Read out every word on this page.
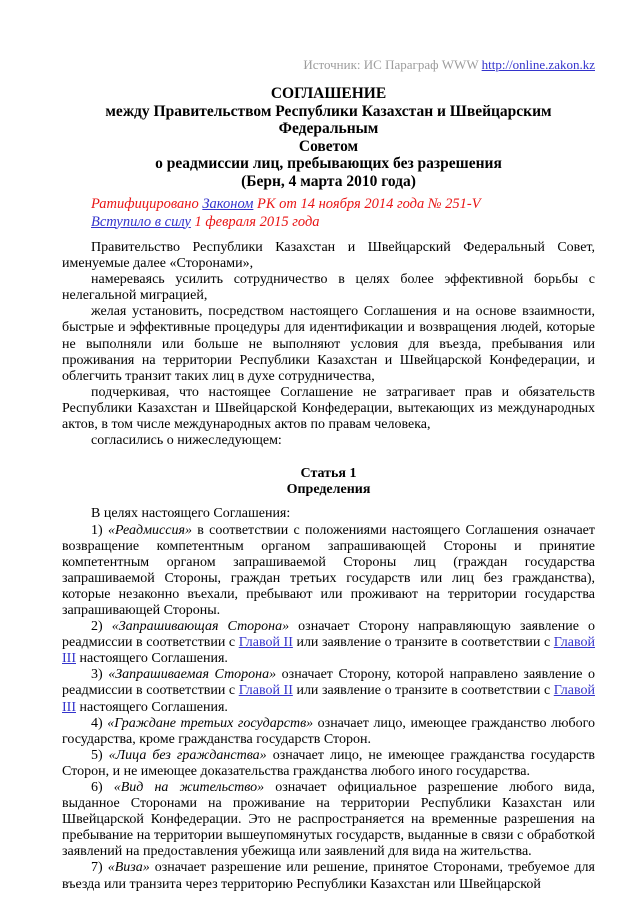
Источник: ИС Параграф WWW http://online.zakon.kz
СОГЛАШЕНИЕ
между Правительством Республики Казахстан и Швейцарским Федеральным
Советом
о реадмиссии лиц, пребывающих без разрешения
(Берн, 4 марта 2010 года)
Ратифицировано Законом РК от 14 ноября 2014 года № 251-V
Вступило в силу 1 февраля 2015 года

Правительство Республики Казахстан и Швейцарский Федеральный Совет, именуемые далее «Сторонами»,

намереваясь усилить сотрудничество в целях более эффективной борьбы с нелегальной миграцией,

желая установить, посредством настоящего Соглашения и на основе взаимности, быстрые и эффективные процедуры для идентификации и возвращения людей, которые не выполняли или больше не выполняют условия для въезда, пребывания или проживания на территории Республики Казахстан и Швейцарской Конфедерации, и облегчить транзит таких лиц в духе сотрудничества,

подчеркивая, что настоящее Соглашение не затрагивает прав и обязательств Республики Казахстан и Швейцарской Конфедерации, вытекающих из международных актов, в том числе международных актов по правам человека,

согласились о нижеследующем:

Статья 1
Определения

В целях настоящего Соглашения:

1) «Реадмиссия» в соответствии с положениями настоящего Соглашения означает возвращение компетентным органом запрашивающей Стороны и принятие компетентным органом запрашиваемой Стороны лиц (граждан государства запрашиваемой Стороны, граждан третьих государств или лиц без гражданства), которые незаконно въехали, пребывают или проживают на территории государства запрашивающей Стороны.

2) «Запрашивающая Сторона» означает Сторону направляющую заявление о реадмиссии в соответствии с Главой II или заявление о транзите в соответствии с Главой III настоящего Соглашения.

3) «Запрашиваемая Сторона» означает Сторону, которой направлено заявление о реадмиссии в соответствии с Главой II или заявление о транзите в соответствии с Главой III настоящего Соглашения.

4) «Граждане третьих государств» означает лицо, имеющее гражданство любого государства, кроме гражданства государств Сторон.

5) «Лица без гражданства» означает лицо, не имеющее гражданства государств Сторон, и не имеющее доказательства гражданства любого иного государства.

6) «Вид на жительство» означает официальное разрешение любого вида, выданное Сторонами на проживание на территории Республики Казахстан или Швейцарской Конфедерации. Это не распространяется на временные разрешения на пребывание на территории вышеупомянутых государств, выданные в связи с обработкой заявлений на предоставления убежища или заявлений для вида на жительства.

7) «Виза» означает разрешение или решение, принятое Сторонами, требуемое для въезда или транзита через территорию Республики Казахстан или Швейцарской
